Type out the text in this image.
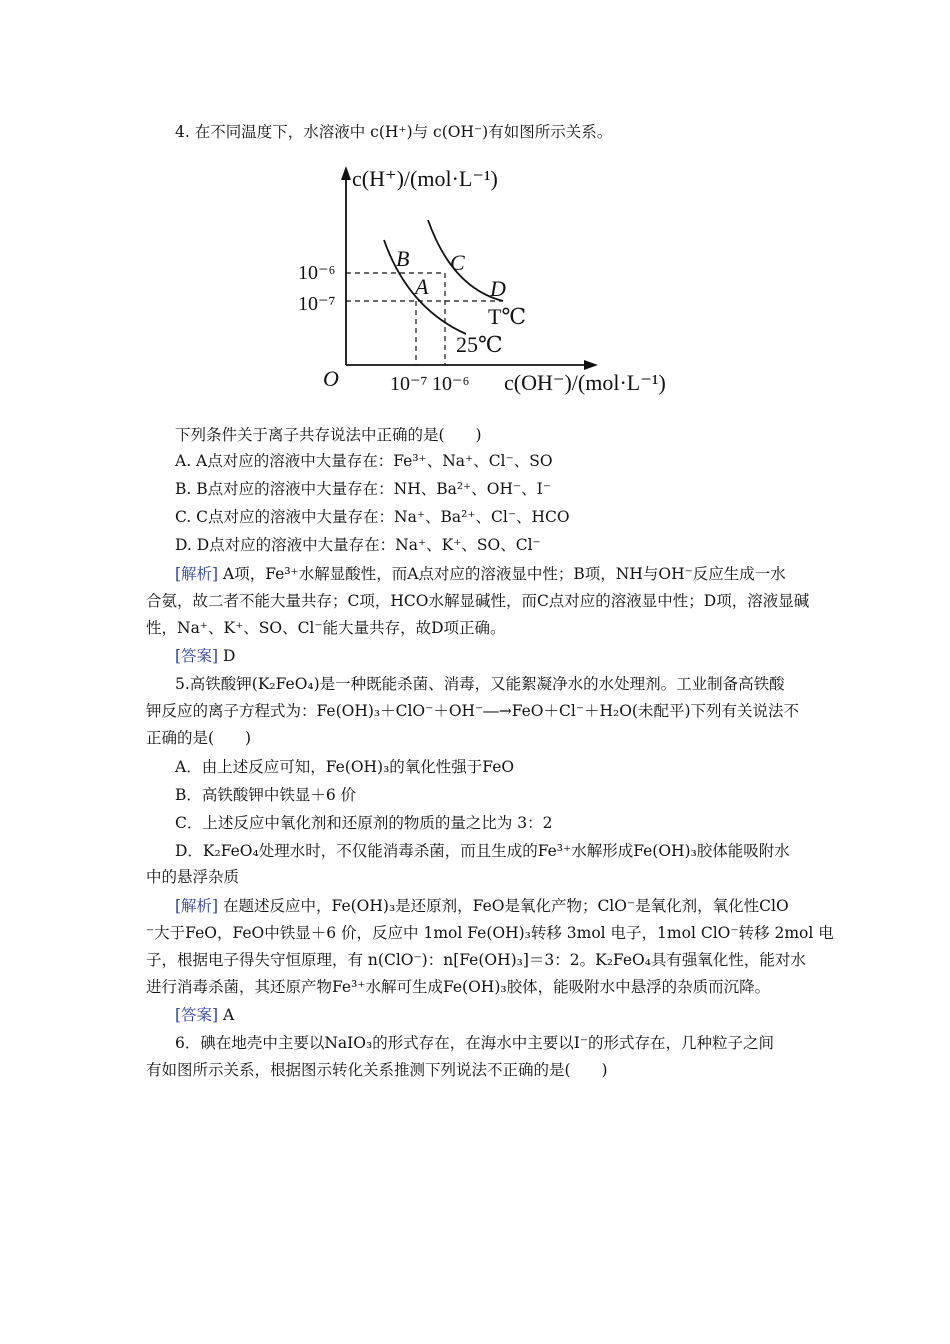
4. 在不同温度下，水溶液中 c(H⁺)与 c(OH⁻)有如图所示关系。
c(H⁺)/(mol·L⁻¹)
c(OH⁻)/(mol·L⁻¹)
O
10⁻⁶
10⁻⁷
10⁻⁷ 10⁻⁶
B C
A	D
T℃
25℃
下列条件关于离子共存说法中正确的是(　　)
A. A点对应的溶液中大量存在：Fe³⁺、Na⁺、Cl⁻、SO
B. B点对应的溶液中大量存在：NH、Ba²⁺、OH⁻、I⁻
C. C点对应的溶液中大量存在：Na⁺、Ba²⁺、Cl⁻、HCO
D. D点对应的溶液中大量存在：Na⁺、K⁺、SO、Cl⁻
[解析] A项，Fe³⁺水解显酸性，而A点对应的溶液显中性；B项，NH与OH⁻反应生成一水
合氨，故二者不能大量共存；C项，HCO水解显碱性，而C点对应的溶液显中性；D项，溶液显碱
性，Na⁺、K⁺、SO、Cl⁻能大量共存，故D项正确。
[答案] D
5.高铁酸钾(K₂FeO₄)是一种既能杀菌、消毒，又能絮凝净水的水处理剂。工业制备高铁酸
钾反应的离子方程式为：Fe(OH)₃＋ClO⁻＋OH⁻―→FeO＋Cl⁻＋H₂O(未配平)下列有关说法不
正确的是(　　)
A．由上述反应可知，Fe(OH)₃的氧化性强于FeO
B．高铁酸钾中铁显＋6 价
C．上述反应中氧化剂和还原剂的物质的量之比为 3：2
D．K₂FeO₄处理水时，不仅能消毒杀菌，而且生成的Fe³⁺水解形成Fe(OH)₃胶体能吸附水
中的悬浮杂质
[解析] 在题述反应中，Fe(OH)₃是还原剂，FeO是氧化产物；ClO⁻是氧化剂，氧化性ClO
⁻大于FeO，FeO中铁显＋6 价，反应中 1mol Fe(OH)₃转移 3mol 电子，1mol ClO⁻转移 2mol 电
子，根据电子得失守恒原理，有 n(ClO⁻)：n[Fe(OH)₃]＝3：2。K₂FeO₄具有强氧化性，能对水
进行消毒杀菌，其还原产物Fe³⁺水解可生成Fe(OH)₃胶体，能吸附水中悬浮的杂质而沉降。
[答案] A
6．碘在地壳中主要以NaIO₃的形式存在，在海水中主要以I⁻的形式存在，几种粒子之间
有如图所示关系，根据图示转化关系推测下列说法不正确的是(　　)
